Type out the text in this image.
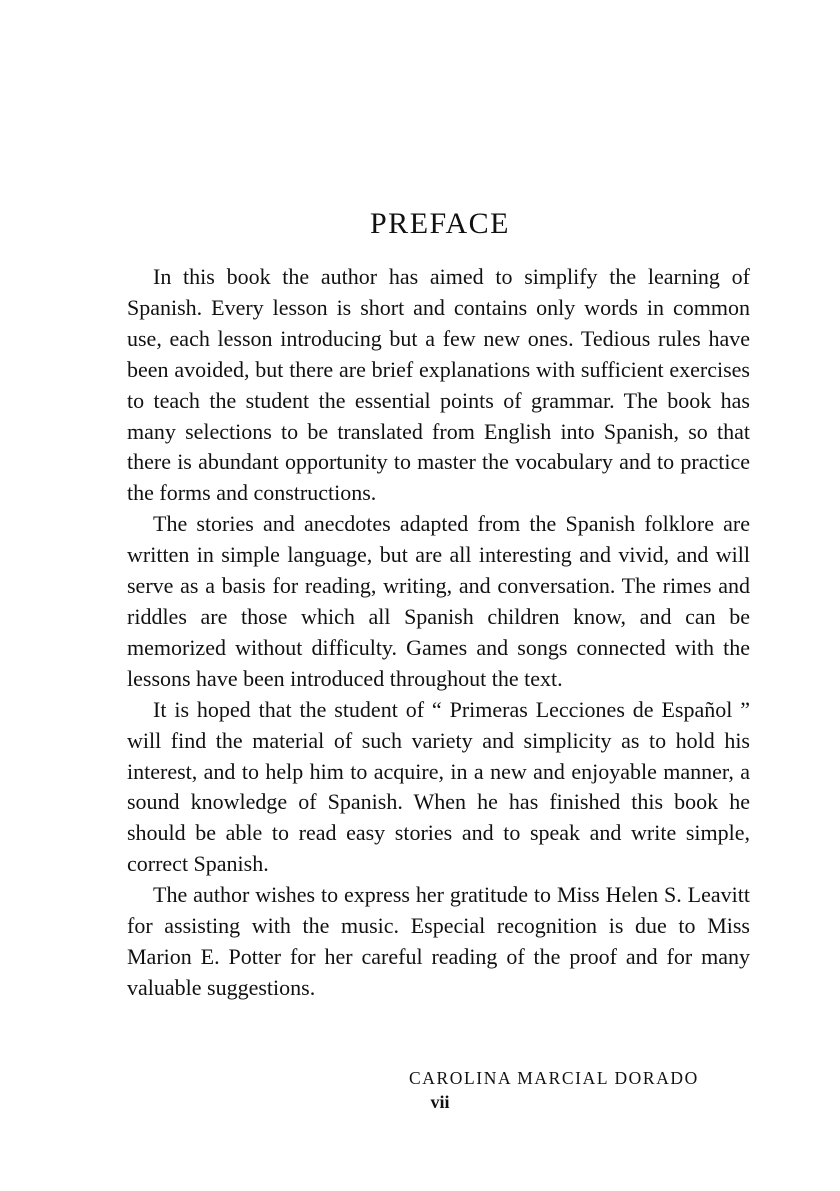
PREFACE

In this book the author has aimed to simplify the learning of Spanish. Every lesson is short and contains only words in common use, each lesson introducing but a few new ones. Tedious rules have been avoided, but there are brief explanations with sufficient exercises to teach the student the essential points of grammar. The book has many selections to be translated from English into Spanish, so that there is abundant opportunity to master the vocabulary and to practice the forms and constructions.

The stories and anecdotes adapted from the Spanish folklore are written in simple language, but are all interesting and vivid, and will serve as a basis for reading, writing, and conversation. The rimes and riddles are those which all Spanish children know, and can be memorized without difficulty. Games and songs connected with the lessons have been introduced throughout the text.

It is hoped that the student of “ Primeras Lecciones de Español ” will find the material of such variety and simplicity as to hold his interest, and to help him to acquire, in a new and enjoyable manner, a sound knowledge of Spanish. When he has finished this book he should be able to read easy stories and to speak and write simple, correct Spanish.

The author wishes to express her gratitude to Miss Helen S. Leavitt for assisting with the music. Especial recognition is due to Miss Marion E. Potter for her careful reading of the proof and for many valuable suggestions.

CAROLINA MARCIAL DORADO

vii
